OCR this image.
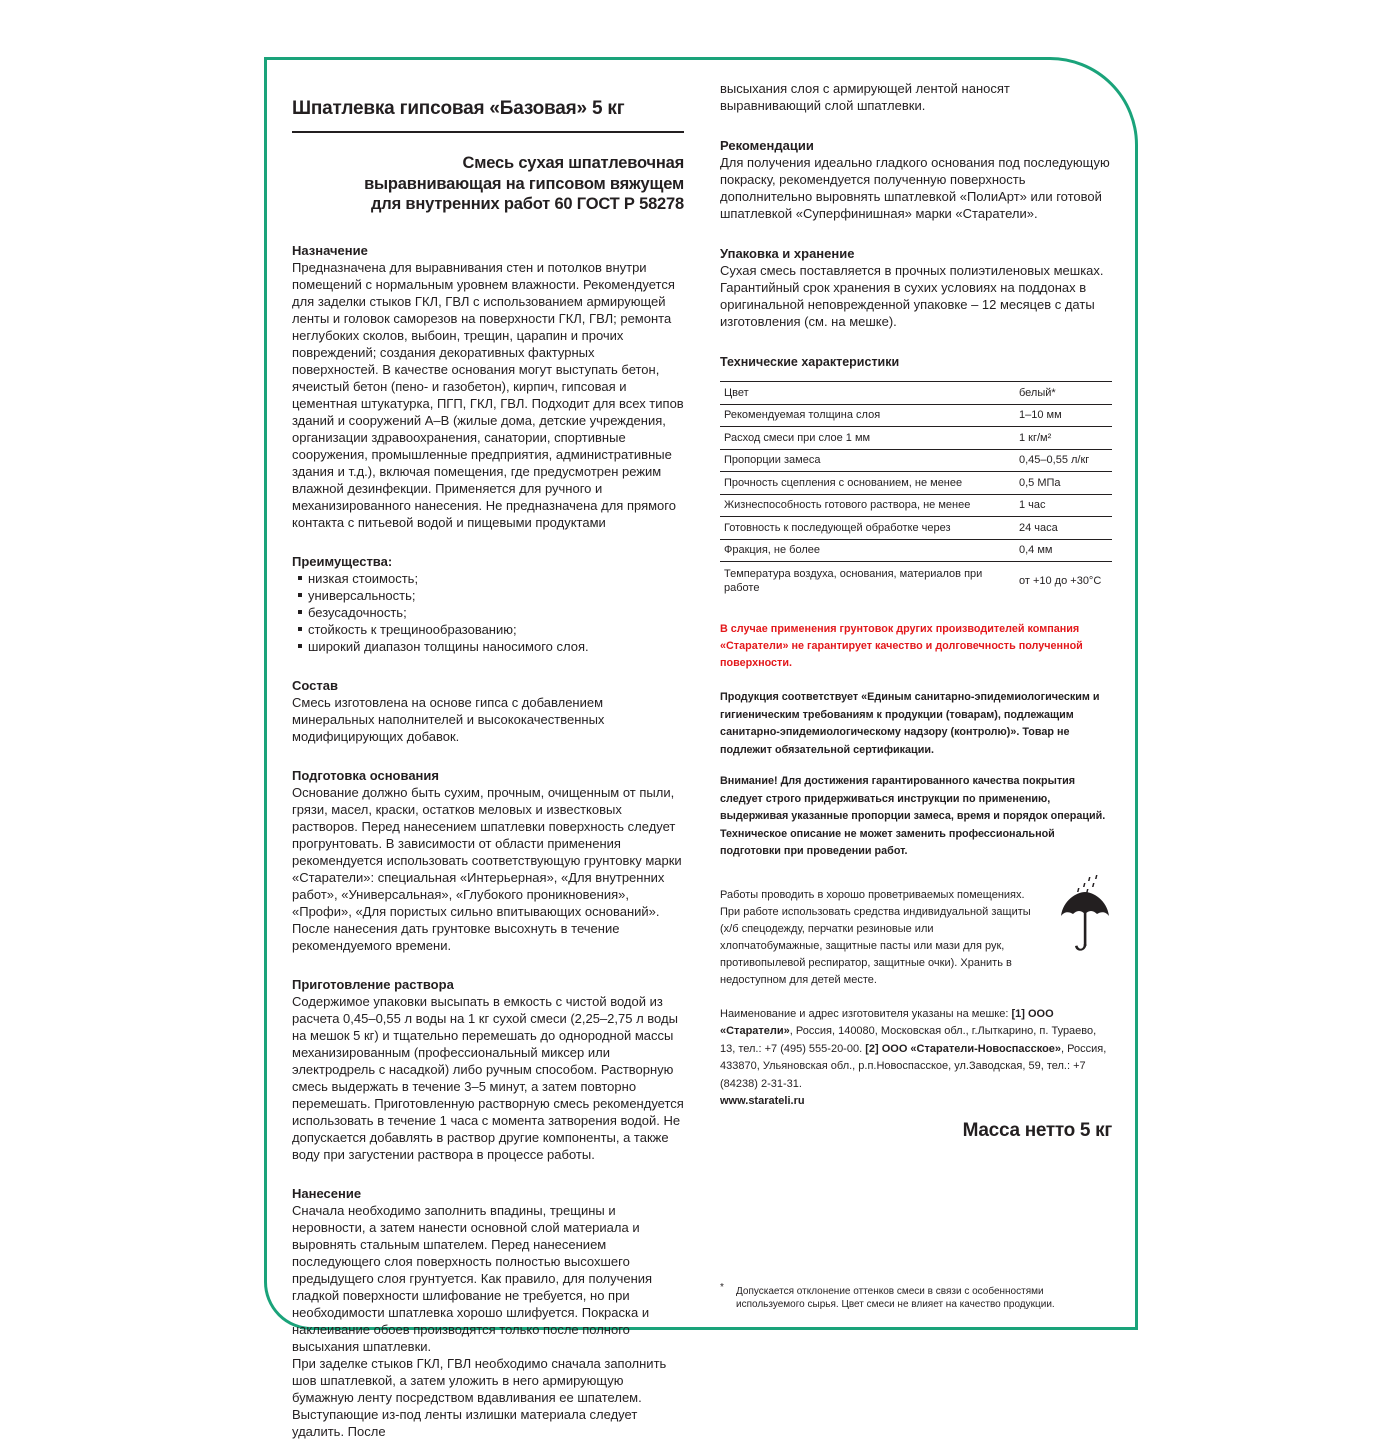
Шпатлевка гипсовая «Базовая» 5 кг
Смесь сухая шпатлевочная
выравнивающая на гипсовом вяжущем
для внутренних работ 60 ГОСТ Р 58278
Назначение

Предназначена для выравнивания стен и потолков внутри помещений с нормальным уровнем влажности. Рекомендуется для заделки стыков ГКЛ, ГВЛ с использованием армирующей ленты и головок саморезов на поверхности ГКЛ, ГВЛ; ремонта неглубоких сколов, выбоин, трещин, царапин и прочих повреждений; создания декоративных фактурных поверхностей. В качестве основания могут выступать бетон, ячеистый бетон (пено- и газобетон), кирпич, гипсовая и цементная штукатурка, ПГП, ГКЛ, ГВЛ. Подходит для всех типов зданий и сооружений А–В (жилые дома, детские учреждения, организации здравоохранения, санатории, спортивные сооружения, промышленные предприятия, административные здания и т.д.), включая помещения, где предусмотрен режим влажной дезинфекции. Применяется для ручного и механизированного нанесения. Не предназначена для прямого контакта с питьевой водой и пищевыми продуктами

Преимущества:
низкая стоимость;
универсальность;
безусадочность;
стойкость к трещинообразованию;
широкий диапазон толщины наносимого слоя.
Состав

Смесь изготовлена на основе гипса с добавлением минеральных наполнителей и высококачественных модифицирующих добавок.

Подготовка основания

Основание должно быть сухим, прочным, очищенным от пыли, грязи, масел, краски, остатков меловых и известковых растворов. Перед нанесением шпатлевки поверхность следует прогрунтовать. В зависимости от области применения рекомендуется использовать соответствующую грунтовку марки «Старатели»: специальная «Интерьерная», «Для внутренних работ», «Универсальная», «Глубокого проникновения», «Профи», «Для пористых сильно впитывающих оснований». После нанесения дать грунтовке высохнуть в течение рекомендуемого времени.

Приготовление раствора

Содержимое упаковки высыпать в емкость с чистой водой из расчета 0,45–0,55 л воды на 1 кг сухой смеси (2,25–2,75 л воды на мешок 5 кг) и тщательно перемешать до однородной массы механизированным (профессиональный миксер или электродрель с насадкой) либо ручным способом. Растворную смесь выдержать в течение 3–5 минут, а затем повторно перемешать. Приготовленную растворную смесь рекомендуется использовать в течение 1 часа с момента затворения водой. Не допускается добавлять в раствор другие компоненты, а также воду при загустении раствора в процессе работы.

Нанесение

Сначала необходимо заполнить впадины, трещины и неровности, а затем нанести основной слой материала и выровнять стальным шпателем. Перед нанесением последующего слоя поверхность полностью высохшего предыдущего слоя грунтуется. Как правило, для получения гладкой поверхности шлифование не требуется, но при необходимости шпатлевка хорошо шлифуется. Покраска и наклеивание обоев производятся только после полного высыхания шпатлевки.

При заделке стыков ГКЛ, ГВЛ необходимо сначала заполнить шов шпатлевкой, а затем уложить в него армирующую бумажную ленту посредством вдавливания ее шпателем. Выступающие из-под ленты излишки материала следует удалить. После

высыхания слоя с армирующей лентой наносят выравнивающий слой шпатлевки.

Рекомендации

Для получения идеально гладкого основания под последующую покраску, рекомендуется полученную поверхность дополнительно выровнять шпатлевкой «ПолиАрт» или готовой шпатлевкой «Суперфинишная» марки «Старатели».

Упаковка и хранение

Сухая смесь поставляется в прочных полиэтиленовых мешках. Гарантийный срок хранения в сухих условиях на поддонах в оригинальной неповрежденной упаковке – 12 месяцев с даты изготовления (см. на мешке).

Технические характеристики
Цвет	белый*
Рекомендуемая толщина слоя	1–10 мм
Расход смеси при слое 1 мм	1 кг/м²
Пропорции замеса	0,45–0,55 л/кг
Прочность сцепления с основанием, не менее	0,5 МПа
Жизнеспособность готового раствора, не менее	1 час
Готовность к последующей обработке через	24 часа
Фракция, не более	0,4 мм
Температура воздуха, основания, материалов при работе	от +10 до +30°С
В случае применения грунтовок других производителей компания «Старатели» не гарантирует качество и долговечность полученной поверхности.
Продукция соответствует «Единым санитарно-эпидемиологическим и гигиеническим требованиям к продукции (товарам), подлежащим санитарно-эпидемиологическому надзору (контролю)». Товар не подлежит обязательной сертификации.
Внимание! Для достижения гарантированного качества покрытия следует строго придерживаться инструкции по применению, выдерживая указанные пропорции замеса, время и порядок операций. Техническое описание не может заменить профессиональной подготовки при проведении работ.
Работы проводить в хорошо проветриваемых помещениях. При работе использовать средства индивидуальной защиты (х/б спецодежду, перчатки резиновые или хлопчатобумажные, защитные пасты или мази для рук, противопылевой респиратор, защитные очки). Хранить в недоступном для детей месте.
Наименование и адрес изготовителя указаны на мешке: [1] ООО «Старатели», Россия, 140080, Московская обл., г.Лыткарино, п. Тураево, 13, тел.: +7 (495) 555-20-00. [2] ООО «Старатели-Новоспасское», Россия, 433870, Ульяновская обл., р.п.Новоспасское, ул.Заводская, 59, тел.: +7 (84238) 2-31-31.
www.starateli.ru
Масса нетто 5 кг
* Допускается отклонение оттенков смеси в связи с особенностями используемого сырья. Цвет смеси не влияет на качество продукции.
